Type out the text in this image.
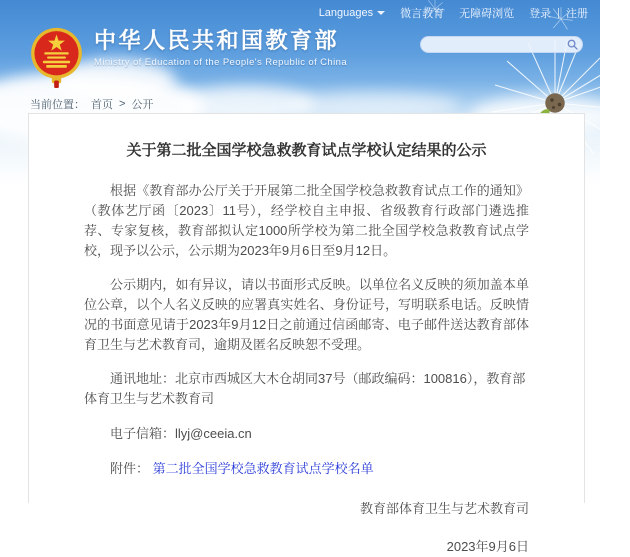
Languages 微言教育 无障碍浏览 登录 | 注册
中华人民共和国教育部
Ministry of Education of the People's Republic of China
当前位置： 首页 > 公开
关于第二批全国学校急救教育试点学校认定结果的公示

根据《教育部办公厅关于开展第二批全国学校急救教育试点工作的通知》（教体艺厅函〔2023〕11号），经学校自主申报、省级教育行政部门遴选推荐、专家复核，教育部拟认定1000所学校为第二批全国学校急救教育试点学校，现予以公示，公示期为2023年9月6日至9月12日。

公示期内，如有异议，请以书面形式反映。以单位名义反映的须加盖本单位公章，以个人名义反映的应署真实姓名、身份证号，写明联系电话。反映情况的书面意见请于2023年9月12日之前通过信函邮寄、电子邮件送达教育部体育卫生与艺术教育司，逾期及匿名反映恕不受理。

通讯地址：北京市西城区大木仓胡同37号（邮政编码：100816），教育部体育卫生与艺术教育司

电子信箱：llyj@ceeia.cn

附件： 第二批全国学校急救教育试点学校名单

教育部体育卫生与艺术教育司

2023年9月6日
